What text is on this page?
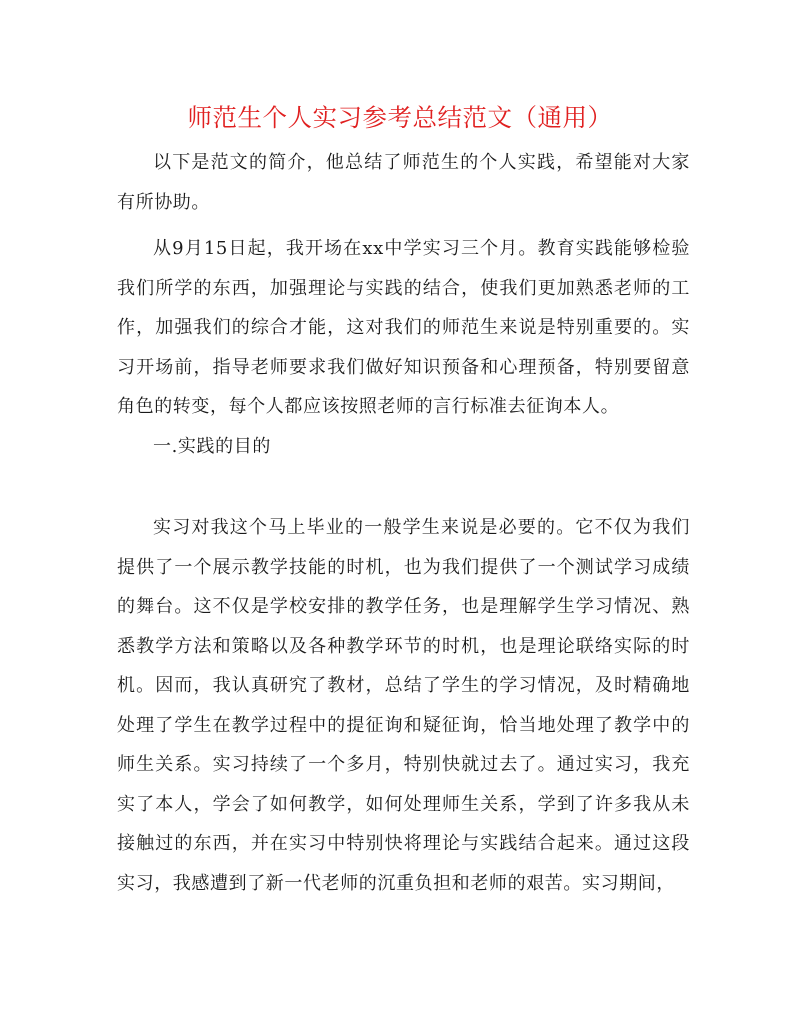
师范生个人实习参考总结范文（通用）

以下是范文的简介，他总结了师范生的个人实践，希望能对大家有所协助。

从9月15日起，我开场在xx中学实习三个月。教育实践能够检验我们所学的东西，加强理论与实践的结合，使我们更加熟悉老师的工作，加强我们的综合才能，这对我们的师范生来说是特别重要的。实习开场前，指导老师要求我们做好知识预备和心理预备，特别要留意角色的转变，每个人都应该按照老师的言行标准去征询本人。

一.实践的目的

实习对我这个马上毕业的一般学生来说是必要的。它不仅为我们提供了一个展示教学技能的时机，也为我们提供了一个测试学习成绩的舞台。这不仅是学校安排的教学任务，也是理解学生学习情况、熟悉教学方法和策略以及各种教学环节的时机，也是理论联络实际的时机。因而，我认真研究了教材，总结了学生的学习情况，及时精确地处理了学生在教学过程中的提征询和疑征询，恰当地处理了教学中的师生关系。实习持续了一个多月，特别快就过去了。通过实习，我充实了本人，学会了如何教学，如何处理师生关系，学到了许多我从未接触过的东西，并在实习中特别快将理论与实践结合起来。通过这段实习，我感遭到了新一代老师的沉重负担和老师的艰苦。实习期间，
